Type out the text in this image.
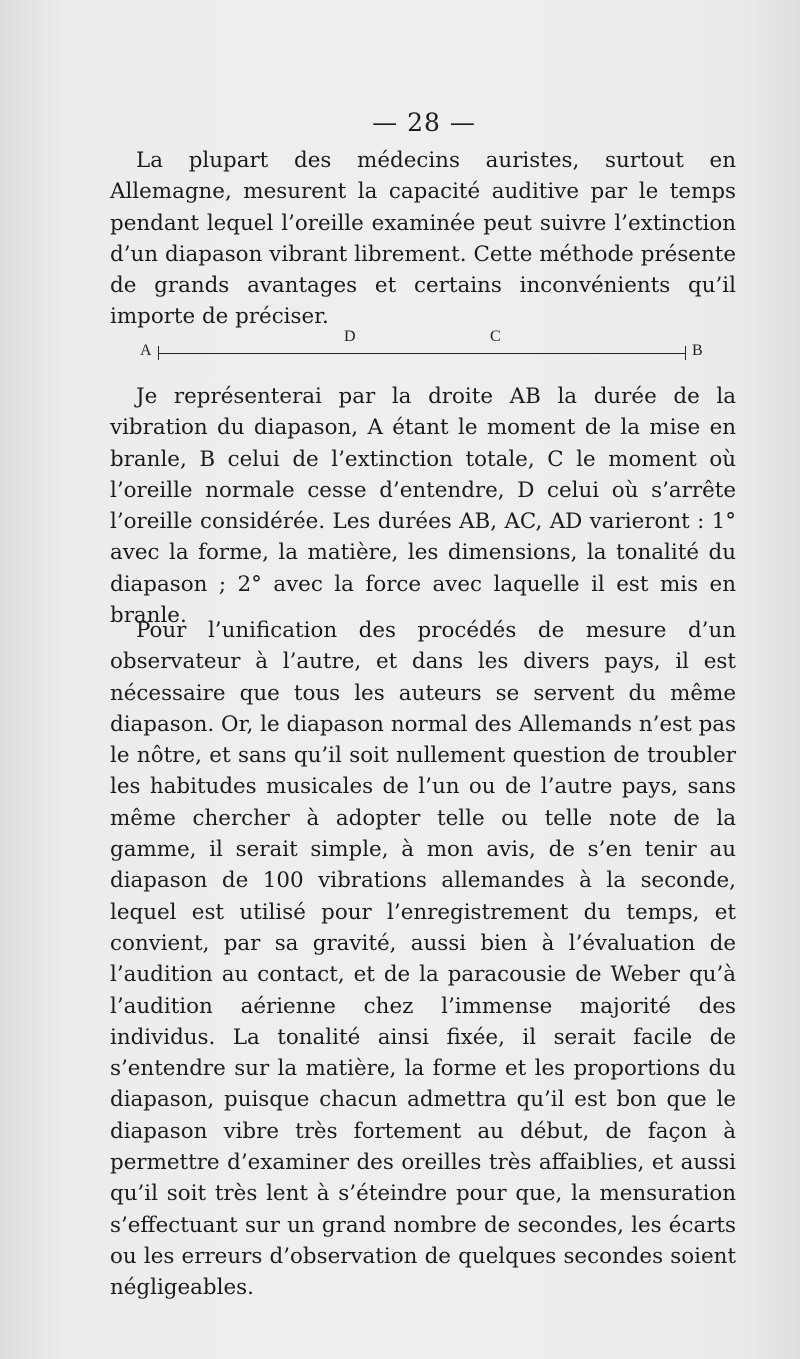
— 28 —

La plupart des médecins auristes, surtout en Allemagne, mesurent la capacité auditive par le temps pendant lequel l’oreille examinée peut suivre l’extinction d’un diapason vibrant librement. Cette méthode présente de grands avantages et certains inconvénients qu’il importe de préciser.

A	B
D	C

Je représenterai par la droite AB la durée de la vibration du diapason, A étant le moment de la mise en branle, B celui de l’extinction totale, C le moment où l’oreille normale cesse d’entendre, D celui où s’arrête l’oreille considérée. Les durées AB, AC, AD varieront : 1° avec la forme, la matière, les dimensions, la tonalité du diapason ; 2° avec la force avec laquelle il est mis en branle.

Pour l’unification des procédés de mesure d’un observateur à l’autre, et dans les divers pays, il est nécessaire que tous les auteurs se servent du même diapason. Or, le diapason normal des Allemands n’est pas le nôtre, et sans qu’il soit nullement question de troubler les habitudes musicales de l’un ou de l’autre pays, sans même chercher à adopter telle ou telle note de la gamme, il serait simple, à mon avis, de s’en tenir au diapason de 100 vibrations allemandes à la seconde, lequel est utilisé pour l’enregistrement du temps, et convient, par sa gravité, aussi bien à l’évaluation de l’audition au contact, et de la paracousie de Weber qu’à l’audition aérienne chez l’immense majorité des individus. La tonalité ainsi fixée, il serait facile de s’entendre sur la matière, la forme et les proportions du diapason, puisque chacun admettra qu’il est bon que le diapason vibre très fortement au début, de façon à permettre d’examiner des oreilles très affaiblies, et aussi qu’il soit très lent à s’éteindre pour que, la mensuration s’effectuant sur un grand nombre de secondes, les écarts ou les erreurs d’observation de quelques secondes soient négligeables.
